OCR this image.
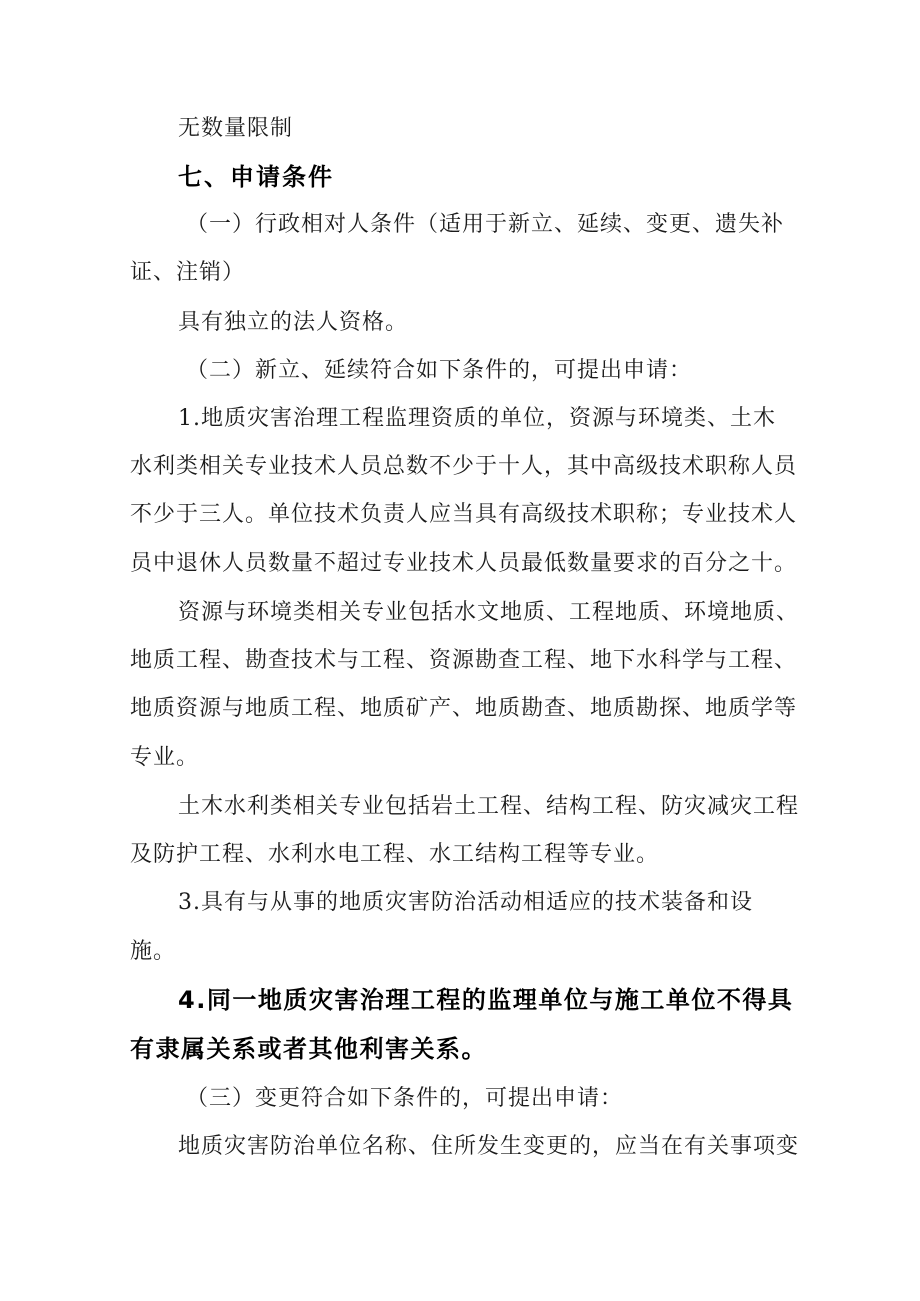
无数量限制
七、申请条件
（一）行政相对人条件（适用于新立、延续、变更、遗失补
证、注销）
具有独立的法人资格。
（二）新立、延续符合如下条件的，可提出申请：
1.地质灾害治理工程监理资质的单位，资源与环境类、土木
水利类相关专业技术人员总数不少于十人，其中高级技术职称人员
不少于三人。单位技术负责人应当具有高级技术职称；专业技术人
员中退休人员数量不超过专业技术人员最低数量要求的百分之十。
资源与环境类相关专业包括水文地质、工程地质、环境地质、
地质工程、勘查技术与工程、资源勘查工程、地下水科学与工程、
地质资源与地质工程、地质矿产、地质勘查、地质勘探、地质学等
专业。
土木水利类相关专业包括岩土工程、结构工程、防灾减灾工程
及防护工程、水利水电工程、水工结构工程等专业。
3.具有与从事的地质灾害防治活动相适应的技术装备和设
施。
4.同一地质灾害治理工程的监理单位与施工单位不得具
有隶属关系或者其他利害关系。
（三）变更符合如下条件的，可提出申请：
地质灾害防治单位名称、住所发生变更的，应当在有关事项变
